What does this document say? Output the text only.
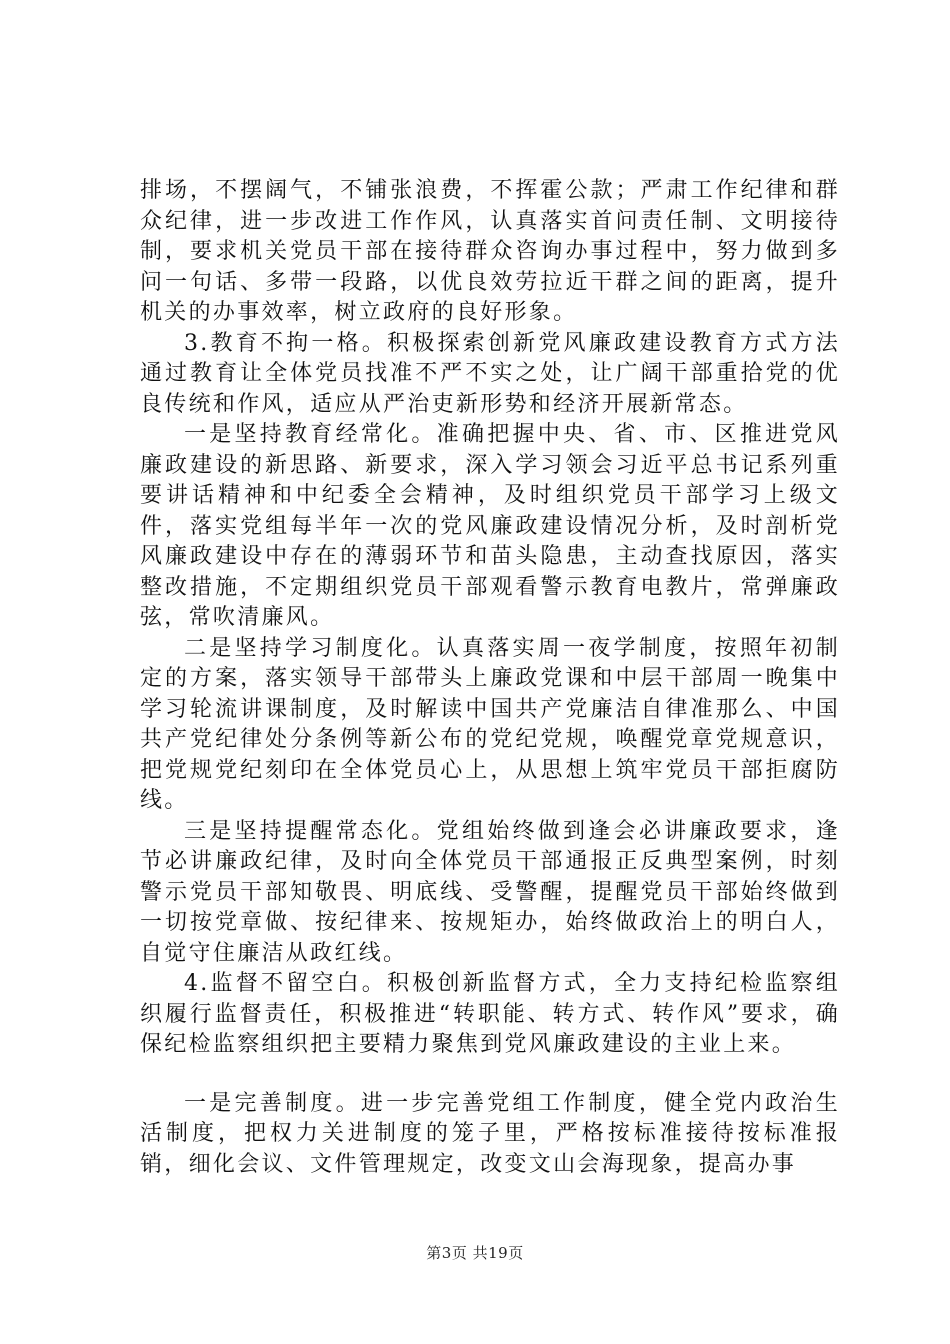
排场，不摆阔气，不铺张浪费，不挥霍公款；严肃工作纪律和群众纪律，进一步改进工作作风，认真落实首问责任制、文明接待制，要求机关党员干部在接待群众咨询办事过程中，努力做到多问一句话、多带一段路，以优良效劳拉近干群之间的距离，提升机关的办事效率，树立政府的良好形象。

3.教育不拘一格。积极探索创新党风廉政建设教育方式方法通过教育让全体党员找准不严不实之处，让广阔干部重拾党的优良传统和作风，适应从严治吏新形势和经济开展新常态。

一是坚持教育经常化。准确把握中央、省、市、区推进党风廉政建设的新思路、新要求，深入学习领会习近平总书记系列重要讲话精神和中纪委全会精神，及时组织党员干部学习上级文件，落实党组每半年一次的党风廉政建设情况分析，及时剖析党风廉政建设中存在的薄弱环节和苗头隐患，主动查找原因，落实整改措施，不定期组织党员干部观看警示教育电教片，常弹廉政弦，常吹清廉风。

二是坚持学习制度化。认真落实周一夜学制度，按照年初制定的方案，落实领导干部带头上廉政党课和中层干部周一晚集中学习轮流讲课制度，及时解读中国共产党廉洁自律准那么、中国共产党纪律处分条例等新公布的党纪党规，唤醒党章党规意识，把党规党纪刻印在全体党员心上，从思想上筑牢党员干部拒腐防线。

三是坚持提醒常态化。党组始终做到逢会必讲廉政要求，逢节必讲廉政纪律，及时向全体党员干部通报正反典型案例，时刻警示党员干部知敬畏、明底线、受警醒，提醒党员干部始终做到一切按党章做、按纪律来、按规矩办，始终做政治上的明白人，自觉守住廉洁从政红线。

4.监督不留空白。积极创新监督方式，全力支持纪检监察组织履行监督责任，积极推进“转职能、转方式、转作风”要求，确保纪检监察组织把主要精力聚焦到党风廉政建设的主业上来。

一是完善制度。进一步完善党组工作制度，健全党内政治生活制度，把权力关进制度的笼子里，严格按标准接待按标准报销，细化会议、文件管理规定，改变文山会海现象，提高办事

第3页 共19页
